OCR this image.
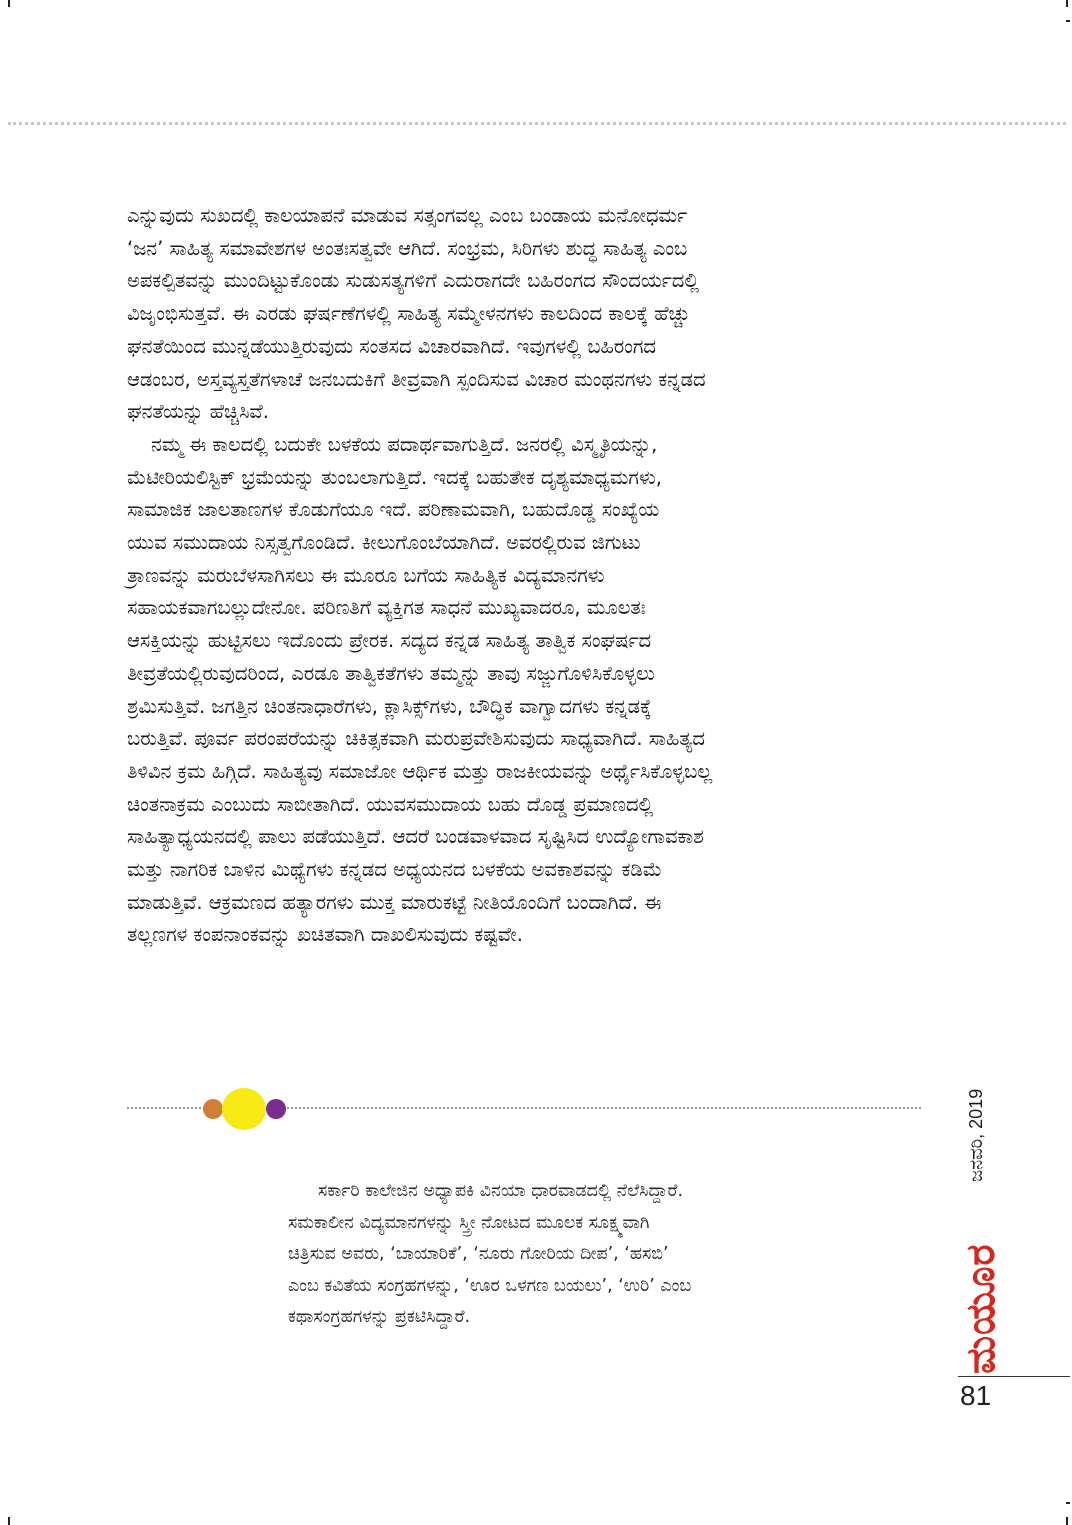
ಎನ್ನುವುದು ಸುಖದಲ್ಲಿ ಕಾಲಯಾಪನೆ ಮಾಡುವ ಸತ್ಸಂಗವಲ್ಲ ಎಂಬ ಬಂಡಾಯ ಮನೋಧರ್ಮ
‘ಜನ’ ಸಾಹಿತ್ಯ ಸಮಾವೇಶಗಳ ಅಂತಃಸತ್ವವೇ ಆಗಿದೆ. ಸಂಭ್ರಮ, ಸಿರಿಗಳು ಶುದ್ಧ ಸಾಹಿತ್ಯ ಎಂಬ
ಅಪಕಲ್ಪಿತವನ್ನು ಮುಂದಿಟ್ಟುಕೊಂಡು ಸುಡುಸತ್ಯಗಳಿಗೆ ಎದುರಾಗದೇ ಬಹಿರಂಗದ ಸೌಂದರ್ಯದಲ್ಲಿ
ವಿಜೃಂಭಿಸುತ್ತವೆ. ಈ ಎರಡು ಘರ್ಷಣೆಗಳಲ್ಲಿ ಸಾಹಿತ್ಯ ಸಮ್ಮೇಳನಗಳು ಕಾಲದಿಂದ ಕಾಲಕ್ಕೆ ಹೆಚ್ಚು
ಘನತೆಯಿಂದ ಮುನ್ನಡೆಯುತ್ತಿರುವುದು ಸಂತಸದ ವಿಚಾರವಾಗಿದೆ. ಇವುಗಳಲ್ಲಿ ಬಹಿರಂಗದ
ಆಡಂಬರ, ಅಸ್ತವ್ಯಸ್ತತೆಗಳಾಚೆ ಜನಬದುಕಿಗೆ ತೀವ್ರವಾಗಿ ಸ್ಪಂದಿಸುವ ವಿಚಾರ ಮಂಥನಗಳು ಕನ್ನಡದ
ಘನತೆಯನ್ನು ಹೆಚ್ಚಿಸಿವೆ.

ನಮ್ಮ ಈ ಕಾಲದಲ್ಲಿ ಬದುಕೇ ಬಳಕೆಯ ಪದಾರ್ಥವಾಗುತ್ತಿದೆ. ಜನರಲ್ಲಿ ವಿಸ್ಮೃತಿಯನ್ನು,
ಮೆಟೀರಿಯಲಿಸ್ಟಿಕ್ ಭ್ರಮೆಯನ್ನು ತುಂಬಲಾಗುತ್ತಿದೆ. ಇದಕ್ಕೆ ಬಹುತೇಕ ದೃಶ್ಯಮಾಧ್ಯಮಗಳು,
ಸಾಮಾಜಿಕ ಜಾಲತಾಣಗಳ ಕೊಡುಗೆಯೂ ಇದೆ. ಪರಿಣಾಮವಾಗಿ, ಬಹುದೊಡ್ಡ ಸಂಖ್ಯೆಯ
ಯುವ ಸಮುದಾಯ ನಿಸ್ಸತ್ವಗೊಂಡಿದೆ. ಕೀಲುಗೊಂಬೆಯಾಗಿದೆ. ಅವರಲ್ಲಿರುವ ಜಿಗುಟು
ತ್ರಾಣವನ್ನು ಮರುಬೆಳಸಾಗಿಸಲು ಈ ಮೂರೂ ಬಗೆಯ ಸಾಹಿತ್ಯಿಕ ವಿದ್ಯಮಾನಗಳು
ಸಹಾಯಕವಾಗಬಲ್ಲುದೇನೋ. ಪರಿಣತಿಗೆ ವ್ಯಕ್ತಿಗತ ಸಾಧನೆ ಮುಖ್ಯವಾದರೂ, ಮೂಲತಃ
ಆಸಕ್ತಿಯನ್ನು ಹುಟ್ಟಿಸಲು ಇದೊಂದು ಪ್ರೇರಕ. ಸದ್ಯದ ಕನ್ನಡ ಸಾಹಿತ್ಯ ತಾತ್ವಿಕ ಸಂಘರ್ಷದ
ತೀವ್ರತೆಯಲ್ಲಿರುವುದರಿಂದ, ಎರಡೂ ತಾತ್ವಿಕತೆಗಳು ತಮ್ಮನ್ನು ತಾವು ಸಜ್ಜುಗೊಳಿಸಿಕೊಳ್ಳಲು
ಶ್ರಮಿಸುತ್ತಿವೆ. ಜಗತ್ತಿನ ಚಿಂತನಾಧಾರೆಗಳು, ಕ್ಲಾಸಿಕ್ಸ್‌ಗಳು, ಬೌದ್ಧಿಕ ವಾಗ್ವಾದಗಳು ಕನ್ನಡಕ್ಕೆ
ಬರುತ್ತಿವೆ. ಪೂರ್ವ ಪರಂಪರೆಯನ್ನು ಚಿಕಿತ್ಸಕವಾಗಿ ಮರುಪ್ರವೇಶಿಸುವುದು ಸಾಧ್ಯವಾಗಿದೆ. ಸಾಹಿತ್ಯದ
ತಿಳಿವಿನ ಕ್ರಮ ಹಿಗ್ಗಿದೆ. ಸಾಹಿತ್ಯವು ಸಮಾಜೋ ಆರ್ಥಿಕ ಮತ್ತು ರಾಜಕೀಯವನ್ನು ಅರ್ಥೈಸಿಕೊಳ್ಳಬಲ್ಲ
ಚಿಂತನಾಕ್ರಮ ಎಂಬುದು ಸಾಬೀತಾಗಿದೆ. ಯುವಸಮುದಾಯ ಬಹು ದೊಡ್ಡ ಪ್ರಮಾಣದಲ್ಲಿ
ಸಾಹಿತ್ಯಾಧ್ಯಯನದಲ್ಲಿ ಪಾಲು ಪಡೆಯುತ್ತಿದೆ. ಆದರೆ ಬಂಡವಾಳವಾದ ಸೃಷ್ಟಿಸಿದ ಉದ್ಯೋಗಾವಕಾಶ
ಮತ್ತು ನಾಗರಿಕ ಬಾಳಿನ ಮಿಥ್ಯೆಗಳು ಕನ್ನಡದ ಅಧ್ಯಯನದ ಬಳಕೆಯ ಅವಕಾಶವನ್ನು ಕಡಿಮೆ
ಮಾಡುತ್ತಿವೆ. ಆಕ್ರಮಣದ ಹತ್ಯಾರಗಳು ಮುಕ್ತ ಮಾರುಕಟ್ಟೆ ನೀತಿಯೊಂದಿಗೆ ಬಂದಾಗಿದೆ. ಈ
ತಲ್ಲಣಗಳ ಕಂಪನಾಂಕವನ್ನು ಖಚಿತವಾಗಿ ದಾಖಲಿಸುವುದು ಕಷ್ಟವೇ.

ಸರ್ಕಾರಿ ಕಾಲೇಜಿನ ಅಧ್ಯಾಪಕಿ ವಿನಯಾ ಧಾರವಾಡದಲ್ಲಿ ನೆಲೆಸಿದ್ದಾರೆ.
ಸಮಕಾಲೀನ ವಿದ್ಯಮಾನಗಳನ್ನು ಸ್ತ್ರೀ ನೋಟದ ಮೂಲಕ ಸೂಕ್ಷ್ಮವಾಗಿ
ಚಿತ್ರಿಸುವ ಅವರು, ‘ಬಾಯಾರಿಕೆ’, ‘ನೂರು ಗೋರಿಯ ದೀಪ’, ‘ಹಸಬಿ’
ಎಂಬ ಕವಿತೆಯ ಸಂಗ್ರಹಗಳನ್ನು, ‘ಊರ ಒಳಗಣ ಬಯಲು’, ‘ಉರಿ’ ಎಂಬ
ಕಥಾಸಂಗ್ರಹಗಳನ್ನು ಪ್ರಕಟಿಸಿದ್ದಾರೆ.
ಜನವರಿ, 2019
ಮಯೂರ
81
